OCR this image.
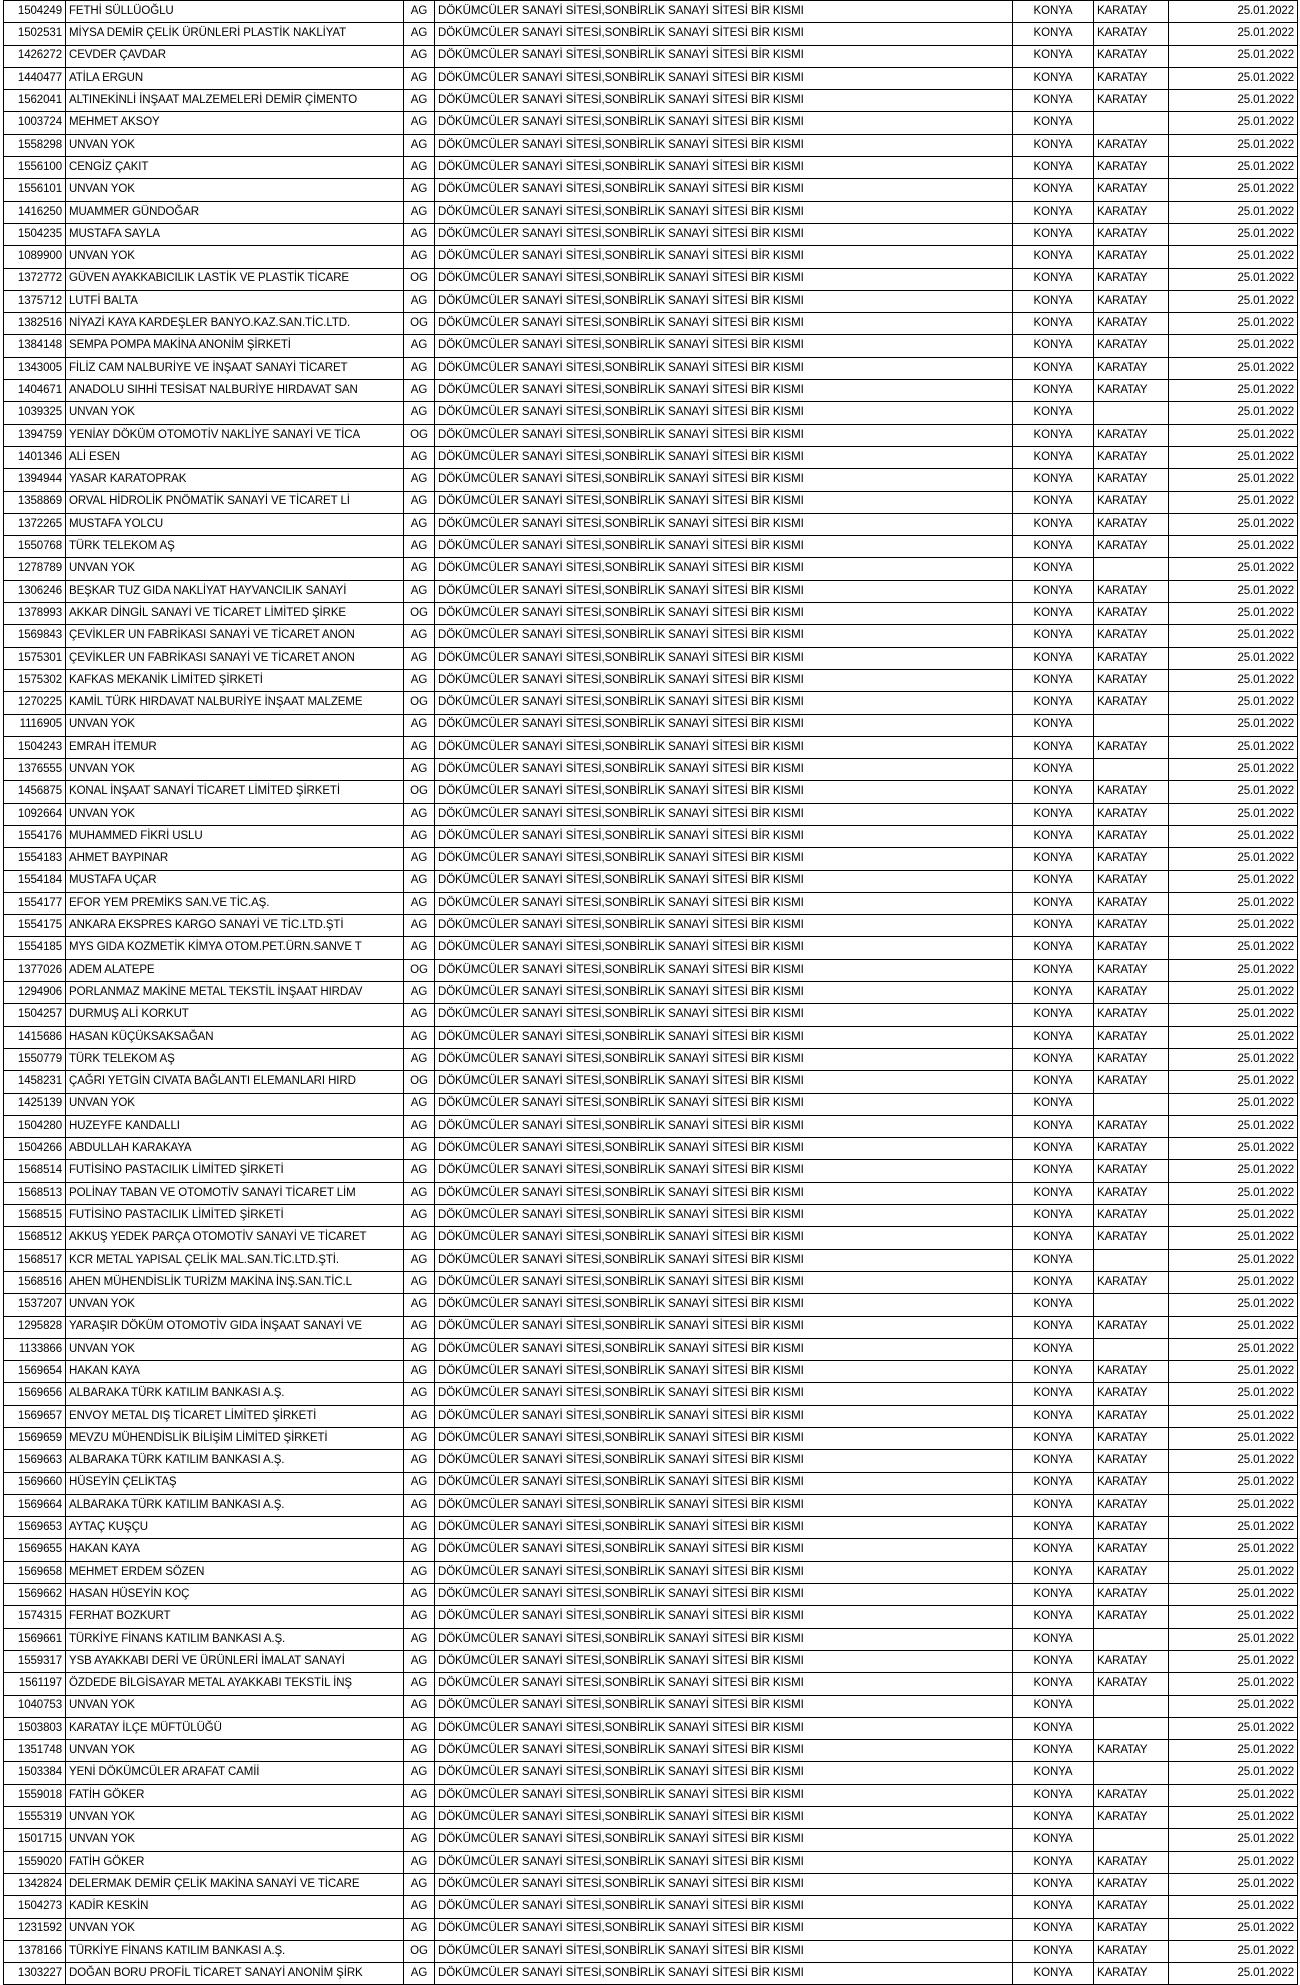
1504249	FETHİ SÜLLÜOĞLU	AG	DÖKÜMCÜLER SANAYİ SİTESİ,SONBİRLİK SANAYİ SİTESİ BİR KISMI	KONYA	KARATAY	25.01.2022
1502531	MİYSA DEMİR ÇELİK ÜRÜNLERİ PLASTİK NAKLİYAT	AG	DÖKÜMCÜLER SANAYİ SİTESİ,SONBİRLİK SANAYİ SİTESİ BİR KISMI	KONYA	KARATAY	25.01.2022
1426272	CEVDER ÇAVDAR	AG	DÖKÜMCÜLER SANAYİ SİTESİ,SONBİRLİK SANAYİ SİTESİ BİR KISMI	KONYA	KARATAY	25.01.2022
1440477	ATİLA ERGUN	AG	DÖKÜMCÜLER SANAYİ SİTESİ,SONBİRLİK SANAYİ SİTESİ BİR KISMI	KONYA	KARATAY	25.01.2022
1562041	ALTINEKİNLİ İNŞAAT MALZEMELERİ DEMİR ÇİMENTO	AG	DÖKÜMCÜLER SANAYİ SİTESİ,SONBİRLİK SANAYİ SİTESİ BİR KISMI	KONYA	KARATAY	25.01.2022
1003724	MEHMET AKSOY	AG	DÖKÜMCÜLER SANAYİ SİTESİ,SONBİRLİK SANAYİ SİTESİ BİR KISMI	KONYA		25.01.2022
1558298	UNVAN YOK	AG	DÖKÜMCÜLER SANAYİ SİTESİ,SONBİRLİK SANAYİ SİTESİ BİR KISMI	KONYA	KARATAY	25.01.2022
1556100	CENGİZ ÇAKIT	AG	DÖKÜMCÜLER SANAYİ SİTESİ,SONBİRLİK SANAYİ SİTESİ BİR KISMI	KONYA	KARATAY	25.01.2022
1556101	UNVAN YOK	AG	DÖKÜMCÜLER SANAYİ SİTESİ,SONBİRLİK SANAYİ SİTESİ BİR KISMI	KONYA	KARATAY	25.01.2022
1416250	MUAMMER GÜNDOĞAR	AG	DÖKÜMCÜLER SANAYİ SİTESİ,SONBİRLİK SANAYİ SİTESİ BİR KISMI	KONYA	KARATAY	25.01.2022
1504235	MUSTAFA SAYLA	AG	DÖKÜMCÜLER SANAYİ SİTESİ,SONBİRLİK SANAYİ SİTESİ BİR KISMI	KONYA	KARATAY	25.01.2022
1089900	UNVAN YOK	AG	DÖKÜMCÜLER SANAYİ SİTESİ,SONBİRLİK SANAYİ SİTESİ BİR KISMI	KONYA	KARATAY	25.01.2022
1372772	GÜVEN AYAKKABICILIK LASTİK VE PLASTİK TİCARE	OG	DÖKÜMCÜLER SANAYİ SİTESİ,SONBİRLİK SANAYİ SİTESİ BİR KISMI	KONYA	KARATAY	25.01.2022
1375712	LUTFİ BALTA	AG	DÖKÜMCÜLER SANAYİ SİTESİ,SONBİRLİK SANAYİ SİTESİ BİR KISMI	KONYA	KARATAY	25.01.2022
1382516	NİYAZİ KAYA KARDEŞLER BANYO.KAZ.SAN.TİC.LTD.	OG	DÖKÜMCÜLER SANAYİ SİTESİ,SONBİRLİK SANAYİ SİTESİ BİR KISMI	KONYA	KARATAY	25.01.2022
1384148	SEMPA POMPA MAKİNA ANONİM ŞİRKETİ	AG	DÖKÜMCÜLER SANAYİ SİTESİ,SONBİRLİK SANAYİ SİTESİ BİR KISMI	KONYA	KARATAY	25.01.2022
1343005	FİLİZ CAM NALBURİYE VE İNŞAAT SANAYİ TİCARET	AG	DÖKÜMCÜLER SANAYİ SİTESİ,SONBİRLİK SANAYİ SİTESİ BİR KISMI	KONYA	KARATAY	25.01.2022
1404671	ANADOLU SIHHİ TESİSAT NALBURİYE HIRDAVAT SAN	AG	DÖKÜMCÜLER SANAYİ SİTESİ,SONBİRLİK SANAYİ SİTESİ BİR KISMI	KONYA	KARATAY	25.01.2022
1039325	UNVAN YOK	AG	DÖKÜMCÜLER SANAYİ SİTESİ,SONBİRLİK SANAYİ SİTESİ BİR KISMI	KONYA		25.01.2022
1394759	YENİAY DÖKÜM OTOMOTİV NAKLİYE SANAYİ VE TİCA	OG	DÖKÜMCÜLER SANAYİ SİTESİ,SONBİRLİK SANAYİ SİTESİ BİR KISMI	KONYA	KARATAY	25.01.2022
1401346	ALİ ESEN	AG	DÖKÜMCÜLER SANAYİ SİTESİ,SONBİRLİK SANAYİ SİTESİ BİR KISMI	KONYA	KARATAY	25.01.2022
1394944	YASAR KARATOPRAK	AG	DÖKÜMCÜLER SANAYİ SİTESİ,SONBİRLİK SANAYİ SİTESİ BİR KISMI	KONYA	KARATAY	25.01.2022
1358869	ORVAL HİDROLİK PNÖMATİK SANAYİ VE TİCARET Lİ	AG	DÖKÜMCÜLER SANAYİ SİTESİ,SONBİRLİK SANAYİ SİTESİ BİR KISMI	KONYA	KARATAY	25.01.2022
1372265	MUSTAFA YOLCU	AG	DÖKÜMCÜLER SANAYİ SİTESİ,SONBİRLİK SANAYİ SİTESİ BİR KISMI	KONYA	KARATAY	25.01.2022
1550768	TÜRK TELEKOM AŞ	AG	DÖKÜMCÜLER SANAYİ SİTESİ,SONBİRLİK SANAYİ SİTESİ BİR KISMI	KONYA	KARATAY	25.01.2022
1278789	UNVAN YOK	AG	DÖKÜMCÜLER SANAYİ SİTESİ,SONBİRLİK SANAYİ SİTESİ BİR KISMI	KONYA		25.01.2022
1306246	BEŞKAR TUZ GIDA NAKLİYAT HAYVANCILIK SANAYİ	AG	DÖKÜMCÜLER SANAYİ SİTESİ,SONBİRLİK SANAYİ SİTESİ BİR KISMI	KONYA	KARATAY	25.01.2022
1378993	AKKAR DİNGİL SANAYİ VE TİCARET LİMİTED ŞİRKE	OG	DÖKÜMCÜLER SANAYİ SİTESİ,SONBİRLİK SANAYİ SİTESİ BİR KISMI	KONYA	KARATAY	25.01.2022
1569843	ÇEVİKLER UN FABRİKASI SANAYİ VE TİCARET ANON	AG	DÖKÜMCÜLER SANAYİ SİTESİ,SONBİRLİK SANAYİ SİTESİ BİR KISMI	KONYA	KARATAY	25.01.2022
1575301	ÇEVİKLER UN FABRİKASI SANAYİ VE TİCARET ANON	AG	DÖKÜMCÜLER SANAYİ SİTESİ,SONBİRLİK SANAYİ SİTESİ BİR KISMI	KONYA	KARATAY	25.01.2022
1575302	KAFKAS MEKANİK LİMİTED ŞİRKETİ	AG	DÖKÜMCÜLER SANAYİ SİTESİ,SONBİRLİK SANAYİ SİTESİ BİR KISMI	KONYA	KARATAY	25.01.2022
1270225	KAMİL TÜRK HIRDAVAT NALBURİYE İNŞAAT MALZEME	OG	DÖKÜMCÜLER SANAYİ SİTESİ,SONBİRLİK SANAYİ SİTESİ BİR KISMI	KONYA	KARATAY	25.01.2022
1116905	UNVAN YOK	AG	DÖKÜMCÜLER SANAYİ SİTESİ,SONBİRLİK SANAYİ SİTESİ BİR KISMI	KONYA		25.01.2022
1504243	EMRAH İTEMUR	AG	DÖKÜMCÜLER SANAYİ SİTESİ,SONBİRLİK SANAYİ SİTESİ BİR KISMI	KONYA	KARATAY	25.01.2022
1376555	UNVAN YOK	AG	DÖKÜMCÜLER SANAYİ SİTESİ,SONBİRLİK SANAYİ SİTESİ BİR KISMI	KONYA		25.01.2022
1456875	KONAL İNŞAAT SANAYİ TİCARET LİMİTED ŞİRKETİ	OG	DÖKÜMCÜLER SANAYİ SİTESİ,SONBİRLİK SANAYİ SİTESİ BİR KISMI	KONYA	KARATAY	25.01.2022
1092664	UNVAN YOK	AG	DÖKÜMCÜLER SANAYİ SİTESİ,SONBİRLİK SANAYİ SİTESİ BİR KISMI	KONYA	KARATAY	25.01.2022
1554176	MUHAMMED FİKRİ USLU	AG	DÖKÜMCÜLER SANAYİ SİTESİ,SONBİRLİK SANAYİ SİTESİ BİR KISMI	KONYA	KARATAY	25.01.2022
1554183	AHMET BAYPINAR	AG	DÖKÜMCÜLER SANAYİ SİTESİ,SONBİRLİK SANAYİ SİTESİ BİR KISMI	KONYA	KARATAY	25.01.2022
1554184	MUSTAFA UÇAR	AG	DÖKÜMCÜLER SANAYİ SİTESİ,SONBİRLİK SANAYİ SİTESİ BİR KISMI	KONYA	KARATAY	25.01.2022
1554177	EFOR YEM PREMİKS SAN.VE TİC.AŞ.	AG	DÖKÜMCÜLER SANAYİ SİTESİ,SONBİRLİK SANAYİ SİTESİ BİR KISMI	KONYA	KARATAY	25.01.2022
1554175	ANKARA EKSPRES KARGO SANAYİ VE TİC.LTD.ŞTİ	AG	DÖKÜMCÜLER SANAYİ SİTESİ,SONBİRLİK SANAYİ SİTESİ BİR KISMI	KONYA	KARATAY	25.01.2022
1554185	MYS GIDA KOZMETİK KİMYA OTOM.PET.ÜRN.SANVE T	AG	DÖKÜMCÜLER SANAYİ SİTESİ,SONBİRLİK SANAYİ SİTESİ BİR KISMI	KONYA	KARATAY	25.01.2022
1377026	ADEM ALATEPE	OG	DÖKÜMCÜLER SANAYİ SİTESİ,SONBİRLİK SANAYİ SİTESİ BİR KISMI	KONYA	KARATAY	25.01.2022
1294906	PORLANMAZ MAKİNE METAL TEKSTİL İNŞAAT HIRDAV	AG	DÖKÜMCÜLER SANAYİ SİTESİ,SONBİRLİK SANAYİ SİTESİ BİR KISMI	KONYA	KARATAY	25.01.2022
1504257	DURMUŞ ALİ KORKUT	AG	DÖKÜMCÜLER SANAYİ SİTESİ,SONBİRLİK SANAYİ SİTESİ BİR KISMI	KONYA	KARATAY	25.01.2022
1415686	HASAN KÜÇÜKSAKSAĞAN	AG	DÖKÜMCÜLER SANAYİ SİTESİ,SONBİRLİK SANAYİ SİTESİ BİR KISMI	KONYA	KARATAY	25.01.2022
1550779	TÜRK TELEKOM AŞ	AG	DÖKÜMCÜLER SANAYİ SİTESİ,SONBİRLİK SANAYİ SİTESİ BİR KISMI	KONYA	KARATAY	25.01.2022
1458231	ÇAĞRI YETGİN CIVATA BAĞLANTI ELEMANLARI HIRD	OG	DÖKÜMCÜLER SANAYİ SİTESİ,SONBİRLİK SANAYİ SİTESİ BİR KISMI	KONYA	KARATAY	25.01.2022
1425139	UNVAN YOK	AG	DÖKÜMCÜLER SANAYİ SİTESİ,SONBİRLİK SANAYİ SİTESİ BİR KISMI	KONYA		25.01.2022
1504280	HUZEYFE KANDALLI	AG	DÖKÜMCÜLER SANAYİ SİTESİ,SONBİRLİK SANAYİ SİTESİ BİR KISMI	KONYA	KARATAY	25.01.2022
1504266	ABDULLAH KARAKAYA	AG	DÖKÜMCÜLER SANAYİ SİTESİ,SONBİRLİK SANAYİ SİTESİ BİR KISMI	KONYA	KARATAY	25.01.2022
1568514	FUTİSİNO PASTACILIK LİMİTED ŞİRKETİ	AG	DÖKÜMCÜLER SANAYİ SİTESİ,SONBİRLİK SANAYİ SİTESİ BİR KISMI	KONYA	KARATAY	25.01.2022
1568513	POLİNAY TABAN VE OTOMOTİV SANAYİ TİCARET LİM	AG	DÖKÜMCÜLER SANAYİ SİTESİ,SONBİRLİK SANAYİ SİTESİ BİR KISMI	KONYA	KARATAY	25.01.2022
1568515	FUTİSİNO PASTACILIK LİMİTED ŞİRKETİ	AG	DÖKÜMCÜLER SANAYİ SİTESİ,SONBİRLİK SANAYİ SİTESİ BİR KISMI	KONYA	KARATAY	25.01.2022
1568512	AKKUŞ YEDEK PARÇA OTOMOTİV SANAYİ VE TİCARET	AG	DÖKÜMCÜLER SANAYİ SİTESİ,SONBİRLİK SANAYİ SİTESİ BİR KISMI	KONYA	KARATAY	25.01.2022
1568517	KCR METAL YAPISAL ÇELİK MAL.SAN.TİC.LTD.ŞTİ.	AG	DÖKÜMCÜLER SANAYİ SİTESİ,SONBİRLİK SANAYİ SİTESİ BİR KISMI	KONYA		25.01.2022
1568516	AHEN MÜHENDİSLİK TURİZM MAKİNA İNŞ.SAN.TİC.L	AG	DÖKÜMCÜLER SANAYİ SİTESİ,SONBİRLİK SANAYİ SİTESİ BİR KISMI	KONYA	KARATAY	25.01.2022
1537207	UNVAN YOK	AG	DÖKÜMCÜLER SANAYİ SİTESİ,SONBİRLİK SANAYİ SİTESİ BİR KISMI	KONYA		25.01.2022
1295828	YARAŞIR DÖKÜM OTOMOTİV GIDA İNŞAAT SANAYİ VE	AG	DÖKÜMCÜLER SANAYİ SİTESİ,SONBİRLİK SANAYİ SİTESİ BİR KISMI	KONYA	KARATAY	25.01.2022
1133866	UNVAN YOK	AG	DÖKÜMCÜLER SANAYİ SİTESİ,SONBİRLİK SANAYİ SİTESİ BİR KISMI	KONYA		25.01.2022
1569654	HAKAN KAYA	AG	DÖKÜMCÜLER SANAYİ SİTESİ,SONBİRLİK SANAYİ SİTESİ BİR KISMI	KONYA	KARATAY	25.01.2022
1569656	ALBARAKA TÜRK KATILIM BANKASI A.Ş.	AG	DÖKÜMCÜLER SANAYİ SİTESİ,SONBİRLİK SANAYİ SİTESİ BİR KISMI	KONYA	KARATAY	25.01.2022
1569657	ENVOY METAL DIŞ TİCARET LİMİTED ŞİRKETİ	AG	DÖKÜMCÜLER SANAYİ SİTESİ,SONBİRLİK SANAYİ SİTESİ BİR KISMI	KONYA	KARATAY	25.01.2022
1569659	MEVZU MÜHENDİSLİK BİLİŞİM LİMİTED ŞİRKETİ	AG	DÖKÜMCÜLER SANAYİ SİTESİ,SONBİRLİK SANAYİ SİTESİ BİR KISMI	KONYA	KARATAY	25.01.2022
1569663	ALBARAKA TÜRK KATILIM BANKASI A.Ş.	AG	DÖKÜMCÜLER SANAYİ SİTESİ,SONBİRLİK SANAYİ SİTESİ BİR KISMI	KONYA	KARATAY	25.01.2022
1569660	HÜSEYİN ÇELİKTAŞ	AG	DÖKÜMCÜLER SANAYİ SİTESİ,SONBİRLİK SANAYİ SİTESİ BİR KISMI	KONYA	KARATAY	25.01.2022
1569664	ALBARAKA TÜRK KATILIM BANKASI A.Ş.	AG	DÖKÜMCÜLER SANAYİ SİTESİ,SONBİRLİK SANAYİ SİTESİ BİR KISMI	KONYA	KARATAY	25.01.2022
1569653	AYTAÇ KUŞÇU	AG	DÖKÜMCÜLER SANAYİ SİTESİ,SONBİRLİK SANAYİ SİTESİ BİR KISMI	KONYA	KARATAY	25.01.2022
1569655	HAKAN KAYA	AG	DÖKÜMCÜLER SANAYİ SİTESİ,SONBİRLİK SANAYİ SİTESİ BİR KISMI	KONYA	KARATAY	25.01.2022
1569658	MEHMET ERDEM SÖZEN	AG	DÖKÜMCÜLER SANAYİ SİTESİ,SONBİRLİK SANAYİ SİTESİ BİR KISMI	KONYA	KARATAY	25.01.2022
1569662	HASAN HÜSEYİN KOÇ	AG	DÖKÜMCÜLER SANAYİ SİTESİ,SONBİRLİK SANAYİ SİTESİ BİR KISMI	KONYA	KARATAY	25.01.2022
1574315	FERHAT BOZKURT	AG	DÖKÜMCÜLER SANAYİ SİTESİ,SONBİRLİK SANAYİ SİTESİ BİR KISMI	KONYA	KARATAY	25.01.2022
1569661	TÜRKİYE FİNANS KATILIM BANKASI A.Ş.	AG	DÖKÜMCÜLER SANAYİ SİTESİ,SONBİRLİK SANAYİ SİTESİ BİR KISMI	KONYA		25.01.2022
1559317	YSB AYAKKABI DERİ VE ÜRÜNLERİ İMALAT SANAYİ	AG	DÖKÜMCÜLER SANAYİ SİTESİ,SONBİRLİK SANAYİ SİTESİ BİR KISMI	KONYA	KARATAY	25.01.2022
1561197	ÖZDEDE BİLGİSAYAR METAL AYAKKABI TEKSTİL İNŞ	AG	DÖKÜMCÜLER SANAYİ SİTESİ,SONBİRLİK SANAYİ SİTESİ BİR KISMI	KONYA	KARATAY	25.01.2022
1040753	UNVAN YOK	AG	DÖKÜMCÜLER SANAYİ SİTESİ,SONBİRLİK SANAYİ SİTESİ BİR KISMI	KONYA		25.01.2022
1503803	KARATAY İLÇE MÜFTÜLÜĞÜ	AG	DÖKÜMCÜLER SANAYİ SİTESİ,SONBİRLİK SANAYİ SİTESİ BİR KISMI	KONYA		25.01.2022
1351748	UNVAN YOK	AG	DÖKÜMCÜLER SANAYİ SİTESİ,SONBİRLİK SANAYİ SİTESİ BİR KISMI	KONYA	KARATAY	25.01.2022
1503384	YENİ DÖKÜMCÜLER ARAFAT CAMİİ	AG	DÖKÜMCÜLER SANAYİ SİTESİ,SONBİRLİK SANAYİ SİTESİ BİR KISMI	KONYA		25.01.2022
1559018	FATİH GÖKER	AG	DÖKÜMCÜLER SANAYİ SİTESİ,SONBİRLİK SANAYİ SİTESİ BİR KISMI	KONYA	KARATAY	25.01.2022
1555319	UNVAN YOK	AG	DÖKÜMCÜLER SANAYİ SİTESİ,SONBİRLİK SANAYİ SİTESİ BİR KISMI	KONYA	KARATAY	25.01.2022
1501715	UNVAN YOK	AG	DÖKÜMCÜLER SANAYİ SİTESİ,SONBİRLİK SANAYİ SİTESİ BİR KISMI	KONYA		25.01.2022
1559020	FATİH GÖKER	AG	DÖKÜMCÜLER SANAYİ SİTESİ,SONBİRLİK SANAYİ SİTESİ BİR KISMI	KONYA	KARATAY	25.01.2022
1342824	DELERMAK DEMİR ÇELİK MAKİNA SANAYİ VE TİCARE	AG	DÖKÜMCÜLER SANAYİ SİTESİ,SONBİRLİK SANAYİ SİTESİ BİR KISMI	KONYA	KARATAY	25.01.2022
1504273	KADİR KESKİN	AG	DÖKÜMCÜLER SANAYİ SİTESİ,SONBİRLİK SANAYİ SİTESİ BİR KISMI	KONYA	KARATAY	25.01.2022
1231592	UNVAN YOK	AG	DÖKÜMCÜLER SANAYİ SİTESİ,SONBİRLİK SANAYİ SİTESİ BİR KISMI	KONYA	KARATAY	25.01.2022
1378166	TÜRKİYE FİNANS KATILIM BANKASI A.Ş.	OG	DÖKÜMCÜLER SANAYİ SİTESİ,SONBİRLİK SANAYİ SİTESİ BİR KISMI	KONYA	KARATAY	25.01.2022
1303227	DOĞAN BORU PROFİL TİCARET SANAYİ ANONİM ŞİRK	AG	DÖKÜMCÜLER SANAYİ SİTESİ,SONBİRLİK SANAYİ SİTESİ BİR KISMI	KONYA	KARATAY	25.01.2022
